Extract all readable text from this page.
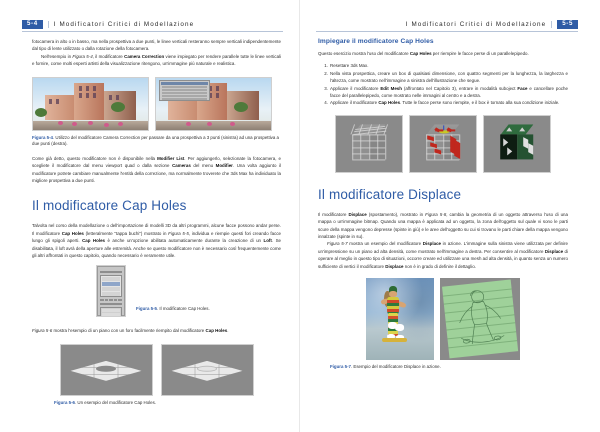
5-4	I Modificatori Critici di Modellazione

fotocamera in alto o in basso, ma nella prospettiva a due punti, le linee verticali resteranno sempre verticali indipendentemente dal tipo di lente utilizzato o dalla rotazione della fotocamera.

Nell'esempio in Figura 5-4, il modificatore Camera Correction viene impiegato per rendere parallele tutte le linee verticali e fornire, come molti esperti artisti della visualizzazione ritengono, un'immagine più naturale e realistica.

Figura 5-4. Utilizzo del modificatore Camera Correction per passare da una prospettiva a 3 punti (sinistra) ad una prospettiva a due punti (destra).

Come già detto, questo modificatore non è disponibile nella Modifier List. Per aggiungerlo, selezionate la fotocamera, e scegliete il modificatore dal menu viewport quad o dalla sezione Cameras del menu Modifier. Una volta aggiunto il modificatore potrete cambiare manualmente l'entità della correzione, ma normalmente troverete che 3ds Max ha individuato la migliore prospettiva a due punti.

Il modificatore Cap Holes

Talvolta nel corso della modellazione o dell'importazione di modelli 3D da altri programmi, alcune facce possono andar perse. Il modificatore Cap Holes (letteralmente "tappa buchi") mostrato in Figura 5-5, individua e riempie questi fori creando facce lungo gli spigoli aperti. Cap Holes è anche un'opzione abilitata automaticamente durante la creazione di un Loft. Se disabilitata, il loft avrà della aperture alle estremità. Anche se questo modificatore non è necessario così frequentemente come gli altri affrontati in questo capitolo, quando necessario è veramente utile.

Figura 5-5. Il modificatore Cap Holes.

Figura 5-6 mostra l'esempio di un piano con un foro facilmente riempito dal modificatore Cap Holes.

Figura 5-6. Un esempio del modificatore Cap Holes.
I Modificatori Critici di Modellazione	5-5
Impiegare il modificatore Cap Holes

Questo esercizio mostra l'uso del modificatore Cap Holes per riempire le facce perse di un parallelepipedo.

1. Resettare 3ds Max.
2. Nella vista prospettica, creare un box di qualsiasi dimensione, con quattro segmenti per la lunghezza, la larghezza e l'altezza, come mostrato nell'immagine a sinistra dell'illustrazione che segue.
3. Applicare il modificatore Edit Mesh (affrontato nel Capitolo 3), entrare in modalità suboject Face e cancellare poche facce del parallelepipedo, come mostrato nelle immagini al centro e a destra.
4. Applicare il modificatore Cap Holes. Tutte le facce perse sono riempite, e il box è tornato alla sua condizione iniziale.
Il modificatore Displace

Il modificatore Displace (spostamento), mostrato in Figura 5-8, cambia la geometria di un oggetto attraverso l'uso di una mappa o un'immagine bitmap. Quando una mappa è applicata ad un oggetto, la zona dell'oggetto sul quale vi sono le parti scure della mappa vengono depresse (spinte in giù) e le aree dell'oggetto su cui si trovano le parti chiare della mappa vengono innalzate (spinte in su).

Figura 5-7 mostra un esempio del modificatore Displace in azione. L'immagine sulla sinistra viene utilizzata per definire un'impressione su un piano ad alta densità, come mostrato nell'immagine a destra. Per consentire al modificatore Displace di operare al meglio in questo tipo di situazioni, occorre creare ed utilizzare una mesh ad alta densità, in quanto senza un numero sufficiente di vertici il modificatore Displace non è in grado di definire il dettaglio.

Figura 5-7. Esempio del modificatore Displace in azione.
